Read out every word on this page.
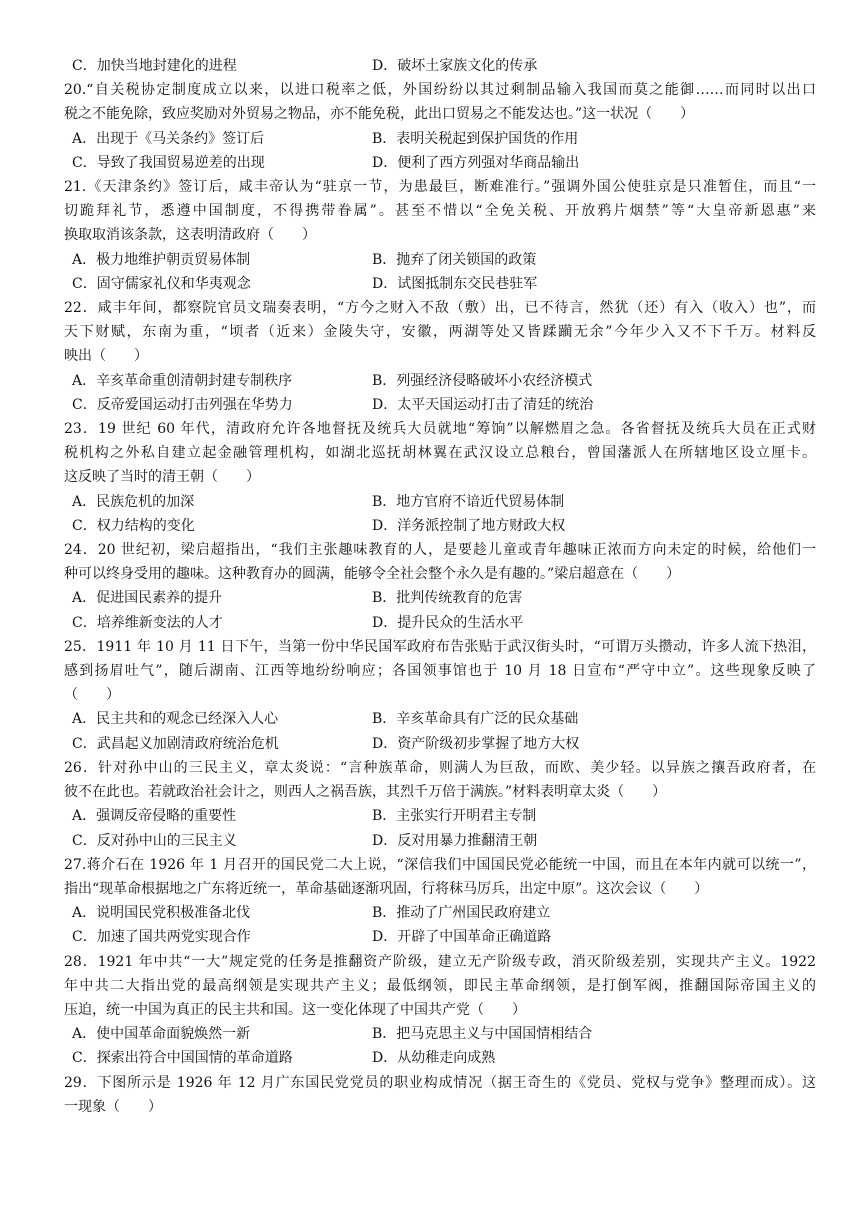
C．加快当地封建化的进程	D．破坏土家族文化的传承
20.“自关税协定制度成立以来，以进口税率之低，外国纷纷以其过剩制品输入我国而莫之能御……而同时以出口
税之不能免除，致应奖励对外贸易之物品，亦不能免税，此出口贸易之不能发达也。”这一状况（　　）
A．出现于《马关条约》签订后	B．表明关税起到保护国货的作用
C．导致了我国贸易逆差的出现	D．便利了西方列强对华商品输出
21.《天津条约》签订后，咸丰帝认为“驻京一节，为患最巨，断难准行。”强调外国公使驻京是只准暂住，而且“一
切跪拜礼节，悉遵中国制度，不得携带眷属”。甚至不惜以“全免关税、开放鸦片烟禁”等“大皇帝新恩惠”来
换取取消该条款，这表明清政府（　　）
A．极力地维护朝贡贸易体制	B．抛弃了闭关锁国的政策
C．固守儒家礼仪和华夷观念	D．试图抵制东交民巷驻军
22．咸丰年间，都察院官员文瑞奏表明，“方今之财入不敌（敷）出，已不待言，然犹（还）有入（收入）也”，而
天下财赋，东南为重，“顷者（近来）金陵失守，安徽，两湖等处又皆蹂躏无余”今年少入又不下千万。材料反
映出（　　）
A．辛亥革命重创清朝封建专制秩序	B．列强经济侵略破坏小农经济模式
C．反帝爱国运动打击列强在华势力	D．太平天国运动打击了清廷的统治
23．19 世纪 60 年代，清政府允许各地督抚及统兵大员就地“筹饷”以解燃眉之急。各省督抚及统兵大员在正式财
税机构之外私自建立起金融管理机构，如湖北巡抚胡林翼在武汉设立总粮台，曾国藩派人在所辖地区设立厘卡。
这反映了当时的清王朝（　　）
A．民族危机的加深	B．地方官府不谙近代贸易体制
C．权力结构的变化	D．洋务派控制了地方财政大权
24．20 世纪初，梁启超指出，“我们主张趣味教育的人，是要趁儿童或青年趣味正浓而方向未定的时候，给他们一
种可以终身受用的趣味。这种教育办的圆满，能够令全社会整个永久是有趣的。”梁启超意在（　　）
A．促进国民素养的提升	B．批判传统教育的危害
C．培养维新变法的人才	D．提升民众的生活水平
25．1911 年 10 月 11 日下午，当第一份中华民国军政府布告张贴于武汉街头时，“可谓万头攒动，许多人流下热泪，
感到扬眉吐气”，随后湖南、江西等地纷纷响应；各国领事馆也于 10 月 18 日宣布“严守中立”。这些现象反映了
（　　）
A．民主共和的观念已经深入人心	B．辛亥革命具有广泛的民众基础
C．武昌起义加剧清政府统治危机	D．资产阶级初步掌握了地方大权
26．针对孙中山的三民主义，章太炎说：“言种族革命，则满人为巨敌，而欧、美少轻。以异族之攘吾政府者，在
彼不在此也。若就政治社会计之，则西人之祸吾族，其烈千万倍于满族。”材料表明章太炎（　　）
A．强调反帝侵略的重要性	B．主张实行开明君主专制
C．反对孙中山的三民主义	D．反对用暴力推翻清王朝
27.蒋介石在 1926 年 1 月召开的国民党二大上说，“深信我们中国国民党必能统一中国，而且在本年内就可以统一”，
指出“现革命根据地之广东将近统一，革命基础逐渐巩固，行将秣马厉兵，出定中原”。这次会议（　　）
A．说明国民党积极准备北伐	B．推动了广州国民政府建立
C．加速了国共两党实现合作	D．开辟了中国革命正确道路
28．1921 年中共“一大”规定党的任务是推翻资产阶级，建立无产阶级专政，消灭阶级差别，实现共产主义。1922
年中共二大指出党的最高纲领是实现共产主义；最低纲领，即民主革命纲领，是打倒军阀，推翻国际帝国主义的
压迫，统一中国为真正的民主共和国。这一变化体现了中国共产党（　　）
A．使中国革命面貌焕然一新	B．把马克思主义与中国国情相结合
C．探索出符合中国国情的革命道路	D．从幼稚走向成熟
29．下图所示是 1926 年 12 月广东国民党党员的职业构成情况（据王奇生的《党员、党权与党争》整理而成）。这
一现象（　　）
